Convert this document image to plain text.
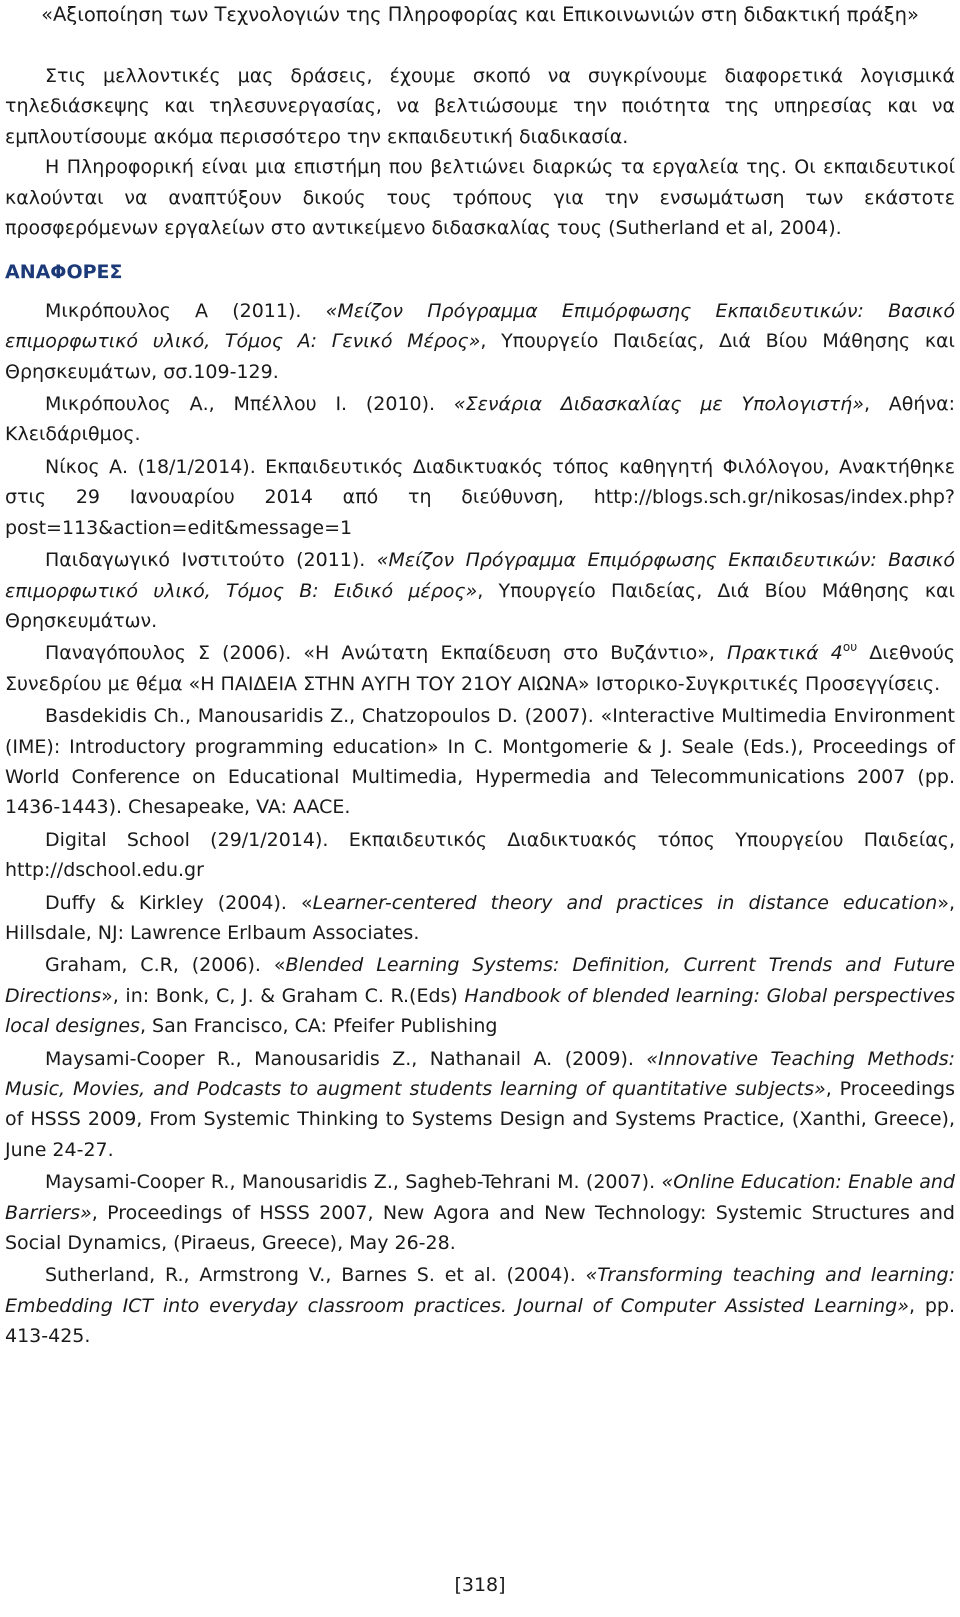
«Αξιοποίηση των Τεχνολογιών της Πληροφορίας και Επικοινωνιών στη διδακτική πράξη»

Στις μελλοντικές μας δράσεις, έχουμε σκοπό να συγκρίνουμε διαφορετικά λογισμικά τηλεδιάσκεψης και τηλεσυνεργασίας, να βελτιώσουμε την ποιότητα της υπηρεσίας και να εμπλουτίσουμε ακόμα περισσότερο την εκπαιδευτική διαδικασία.

Η Πληροφορική είναι μια επιστήμη που βελτιώνει διαρκώς τα εργαλεία της. Οι εκπαιδευτικοί καλούνται να αναπτύξουν δικούς τους τρόπους για την ενσωμάτωση των εκάστοτε προσφερόμενων εργαλείων στο αντικείμενο διδασκαλίας τους (Sutherland et al, 2004).

ΑΝΑΦΟΡΕΣ

Μικρόπουλος Α (2011). «Μείζον Πρόγραμμα Επιμόρφωσης Εκπαιδευτικών: Βασικό επιμορφωτικό υλικό, Τόμος Α: Γενικό Μέρος», Υπουργείο Παιδείας, Διά Βίου Μάθησης και Θρησκευμάτων, σσ.109-129.

Μικρόπουλος Α., Μπέλλου Ι. (2010). «Σενάρια Διδασκαλίας με Υπολογιστή», Αθήνα: Κλειδάριθμος.

Νίκος Α. (18/1/2014). Εκπαιδευτικός Διαδικτυακός τόπος καθηγητή Φιλόλογου, Ανακτήθηκε στις 29 Ιανουαρίου 2014 από τη διεύθυνση, http://blogs.sch.gr/nikosas/index.php?post=113&action=edit&message=1

Παιδαγωγικό Ινστιτούτο (2011). «Μείζον Πρόγραμμα Επιμόρφωσης Εκπαιδευτικών: Βασικό επιμορφωτικό υλικό, Τόμος Β: Ειδικό μέρος», Υπουργείο Παιδείας, Διά Βίου Μάθησης και Θρησκευμάτων.

Παναγόπουλος Σ (2006). «Η Ανώτατη Εκπαίδευση στο Βυζάντιο», Πρακτικά $4^{o\upsilon}$ Διεθνούς Συνεδρίου με θέμα «Η ΠΑΙΔΕΙΑ ΣΤΗΝ ΑΥΓΗ ΤΟΥ 21ΟΥ ΑΙΩΝΑ» Ιστορικο-Συγκριτικές Προσεγγίσεις.

Basdekidis Ch., Manousaridis Z., Chatzopoulos D. (2007). «Interactive Multimedia Environment (IME): Introductory programming education» In C. Montgomerie & J. Seale (Eds.), Proceedings of World Conference on Educational Multimedia, Hypermedia and Telecommunications 2007 (pp. 1436-1443). Chesapeake, VA: AACE.

Digital School (29/1/2014). Εκπαιδευτικός Διαδικτυακός τόπος Υπουργείου Παιδείας, http://dschool.edu.gr

Duffy & Kirkley (2004). «Learner-centered theory and practices in distance education», Hillsdale, NJ: Lawrence Erlbaum Associates.

Graham, C.R, (2006). «Blended Learning Systems: Definition, Current Trends and Future Directions», in: Bonk, C, J. & Graham C. R.(Eds) Handbook of blended learning: Global perspectives local designes, San Francisco, CA: Pfeifer Publishing

Maysami-Cooper R., Manousaridis Z., Nathanail A. (2009). «Innovative Teaching Methods: Music, Movies, and Podcasts to augment students learning of quantitative subjects», Proceedings of HSSS 2009, From Systemic Thinking to Systems Design and Systems Practice, (Xanthi, Greece), June 24-27.

Maysami-Cooper R., Manousaridis Z., Sagheb-Tehrani M. (2007). «Online Education: Enable and Barriers», Proceedings of HSSS 2007, New Agora and New Technology: Systemic Structures and Social Dynamics, (Piraeus, Greece), May 26-28.

Sutherland, R., Armstrong V., Barnes S. et al. (2004). «Transforming teaching and learning: Embedding ICT into everyday classroom practices. Journal of Computer Assisted Learning», pp. 413-425.

[318]
